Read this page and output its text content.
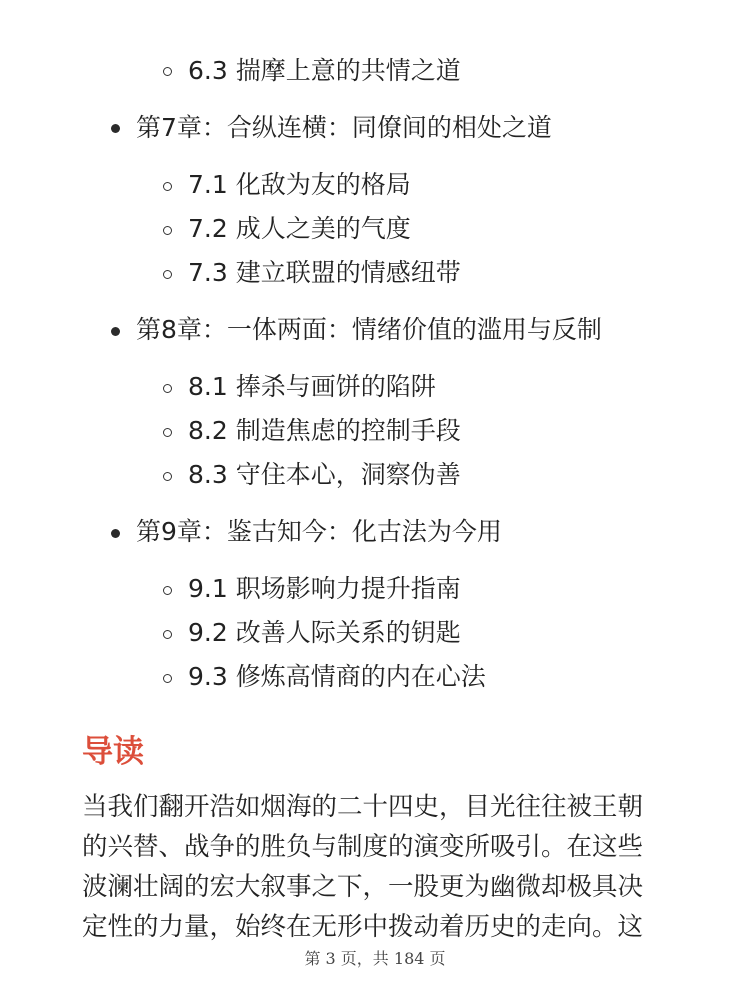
6.3 揣摩上意的共情之道
第7章：合纵连横：同僚间的相处之道
7.1 化敌为友的格局
7.2 成人之美的气度
7.3 建立联盟的情感纽带
第8章：一体两面：情绪价值的滥用与反制
8.1 捧杀与画饼的陷阱
8.2 制造焦虑的控制手段
8.3 守住本心，洞察伪善
第9章：鉴古知今：化古法为今用
9.1 职场影响力提升指南
9.2 改善人际关系的钥匙
9.3 修炼高情商的内在心法
导读
当我们翻开浩如烟海的二十四史，目光往往被王朝
的兴替、战争的胜负与制度的演变所吸引。在这些
波澜壮阔的宏大叙事之下，一股更为幽微却极具决
定性的力量，始终在无形中拨动着历史的走向。这
第 3 页，共 184 页
